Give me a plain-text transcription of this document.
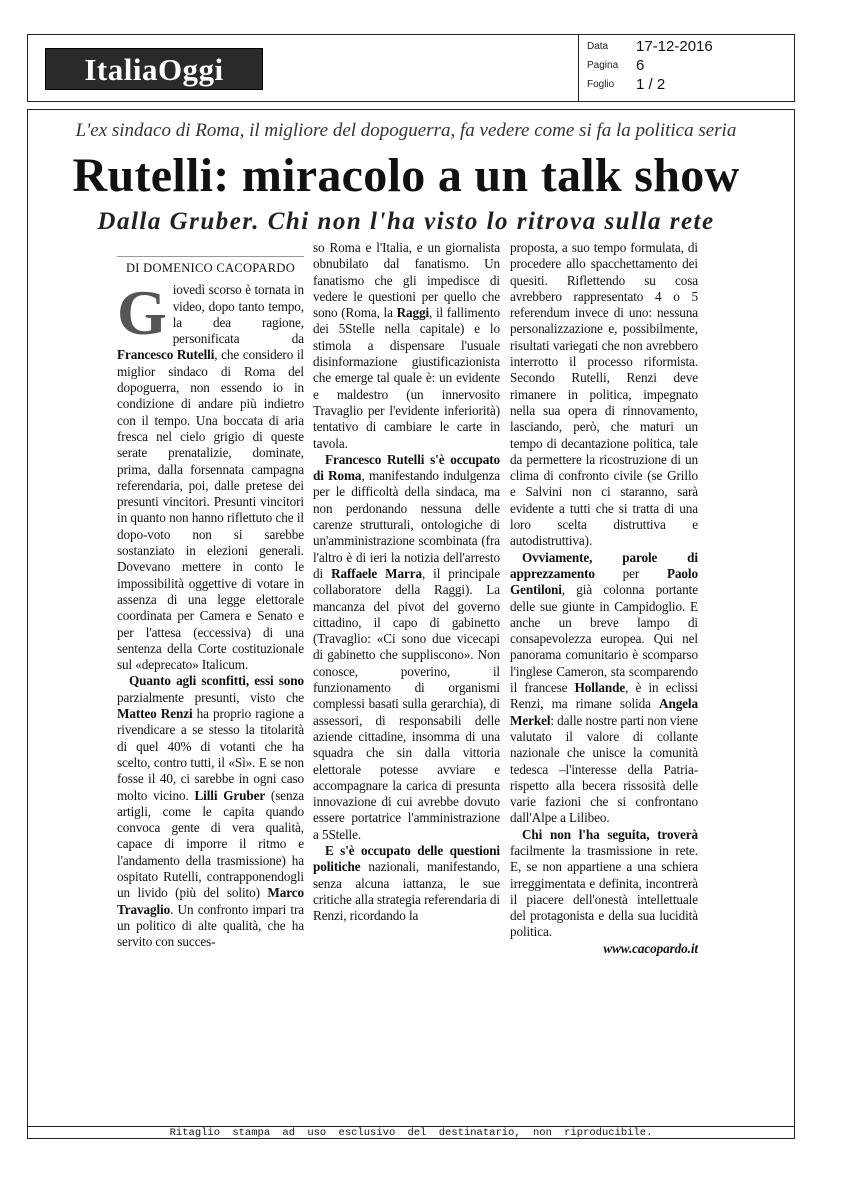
ItaliaOggi
Data 17-12-2016
Pagina 6
Foglio 1 / 2
L'ex sindaco di Roma, il migliore del dopoguerra, fa vedere come si fa la politica seria
Rutelli: miracolo a un talk show
Dalla Gruber. Chi non l'ha visto lo ritrova sulla rete

DI DOMENICO CACOPARDO

Giovedì scorso è tornata in video, dopo tanto tempo, la dea ragione, personificata da Francesco Rutelli, che considero il miglior sindaco di Roma del dopoguerra, non essendo io in condizione di andare più indietro con il tempo. Una boccata di aria fresca nel cielo grigio di queste serate prenatalizie, dominate, prima, dalla forsennata campagna referendaria, poi, dalle pretese dei presunti vincitori. Presunti vincitori in quanto non hanno riflettuto che il dopo-voto non si sarebbe sostanziato in elezioni generali. Dovevano mettere in conto le impossibilità oggettive di votare in assenza di una legge elettorale coordinata per Camera e Senato e per l'attesa (eccessiva) di una sentenza della Corte costituzionale sul «deprecato» Italicum.

Quanto agli sconfitti, essi sono parzialmente presunti, visto che Matteo Renzi ha proprio ragione a rivendicare a se stesso la titolarità di quel 40% di votanti che ha scelto, contro tutti, il «Sì». E se non fosse il 40, ci sarebbe in ogni caso molto vicino. Lilli Gruber (senza artigli, come le capita quando convoca gente di vera qualità, capace di imporre il ritmo e l'andamento della trasmissione) ha ospitato Rutelli, contrapponendogli un livido (più del solito) Marco Travaglio. Un confronto impari tra un politico di alte qualità, che ha servito con succes-

so Roma e l'Italia, e un giornalista obnubilato dal fanatismo. Un fanatismo che gli impedisce di vedere le questioni per quello che sono (Roma, la Raggi, il fallimento dei 5Stelle nella capitale) e lo stimola a dispensare l'usuale disinformazione giustificazionista che emerge tal quale è: un evidente e maldestro (un innervosito Travaglio per l'evidente inferiorità) tentativo di cambiare le carte in tavola.

Francesco Rutelli s'è occupato di Roma, manifestando indulgenza per le difficoltà della sindaca, ma non perdonando nessuna delle carenze strutturali, ontologiche di un'amministrazione scombinata (fra l'altro è di ieri la notizia dell'arresto di Raffaele Marra, il principale collaboratore della Raggi). La mancanza del pivot del governo cittadino, il capo di gabinetto (Travaglio: «Ci sono due vicecapi di gabinetto che suppliscono». Non conosce, poverino, il funzionamento di organismi complessi basati sulla gerarchia), di assessori, di responsabili delle aziende cittadine, insomma di una squadra che sin dalla vittoria elettorale potesse avviare e accompagnare la carica di presunta innovazione di cui avrebbe dovuto essere portatrice l'amministrazione a 5Stelle.

E s'è occupato delle questioni politiche nazionali, manifestando, senza alcuna iattanza, le sue critiche alla strategia referendaria di Renzi, ricordando la

proposta, a suo tempo formulata, di procedere allo spacchettamento dei quesiti. Riflettendo su cosa avrebbero rappresentato 4 o 5 referendum invece di uno: nessuna personalizzazione e, possibilmente, risultati variegati che non avrebbero interrotto il processo riformista. Secondo Rutelli, Renzi deve rimanere in politica, impegnato nella sua opera di rinnovamento, lasciando, però, che maturi un tempo di decantazione politica, tale da permettere la ricostruzione di un clima di confronto civile (se Grillo e Salvini non ci staranno, sarà evidente a tutti che si tratta di una loro scelta distruttiva e autodistruttiva).

Ovviamente, parole di apprezzamento per Paolo Gentiloni, già colonna portante delle sue giunte in Campidoglio. E anche un breve lampo di consapevolezza europea. Qui nel panorama comunitario è scomparso l'inglese Cameron, sta scomparendo il francese Hollande, è in eclissi Renzi, ma rimane solida Angela Merkel: dalle nostre parti non viene valutato il valore di collante nazionale che unisce la comunità tedesca –l'interesse della Patria- rispetto alla becera rissosità delle varie fazioni che si confrontano dall'Alpe a Lilibeo.

Chi non l'ha seguita, troverà facilmente la trasmissione in rete. E, se non appartiene a una schiera irreggimentata e definita, incontrerà il piacere dell'onestà intellettuale del protagonista e della sua lucidità politica.

www.cacopardo.it

Ritaglio stampa ad uso esclusivo del destinatario, non riproducibile.
